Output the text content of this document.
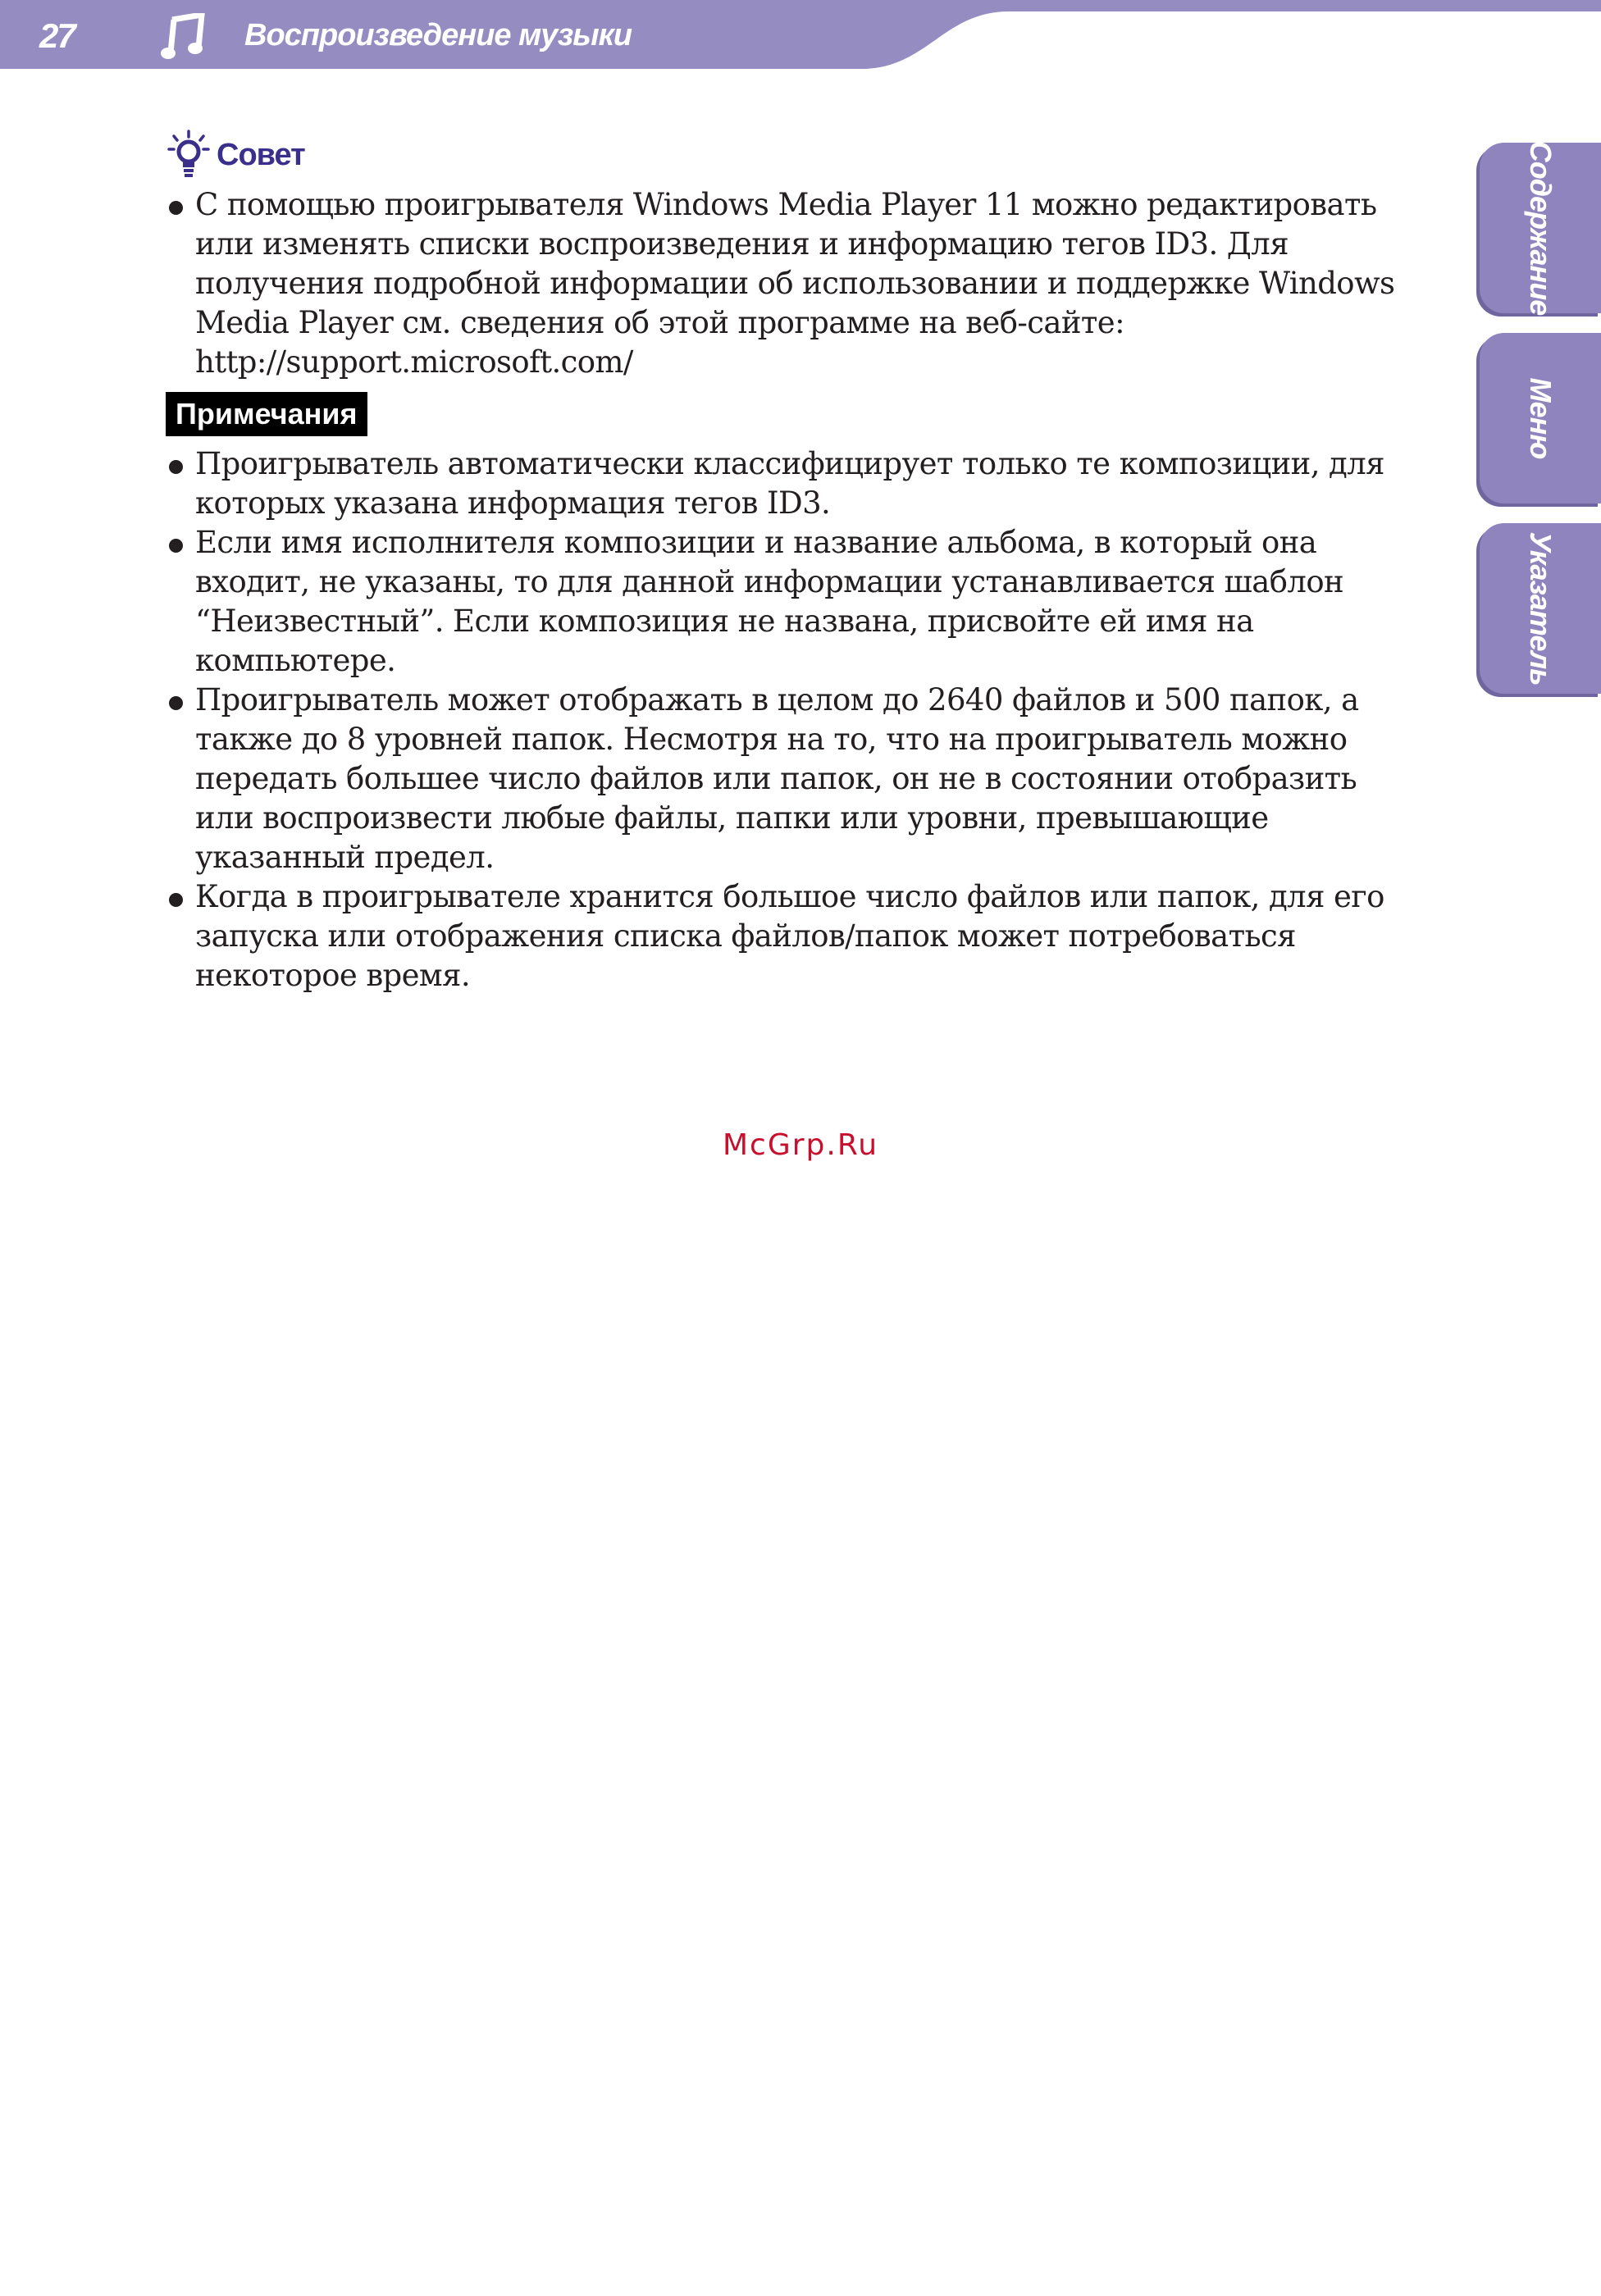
27	Воспроизведение музыки
Содержание
Меню
Указатель
Совет
С помощью проигрывателя Windows Media Player 11 можно редактировать или изменять списки воспроизведения и информацию тегов ID3. Для получения подробной информации об использовании и поддержке Windows Media Player см. сведения об этой программе на веб-сайте: http://support.microsoft.com/
Примечания
Проигрыватель автоматически классифицирует только те композиции, для которых указана информация тегов ID3.
Если имя исполнителя композиции и название альбома, в который она входит, не указаны, то для данной информации устанавливается шаблон “Неизвестный”. Если композиция не названа, присвойте ей имя на компьютере.
Проигрыватель может отображать в целом до 2640 файлов и 500 папок, а также до 8 уровней папок. Несмотря на то, что на проигрыватель можно передать большее число файлов или папок, он не в состоянии отобразить или воспроизвести любые файлы, папки или уровни, превышающие указанный предел.
Когда в проигрывателе хранится большое число файлов или папок, для его запуска или отображения списка файлов/папок может потребоваться некоторое время.
McGrp.Ru
